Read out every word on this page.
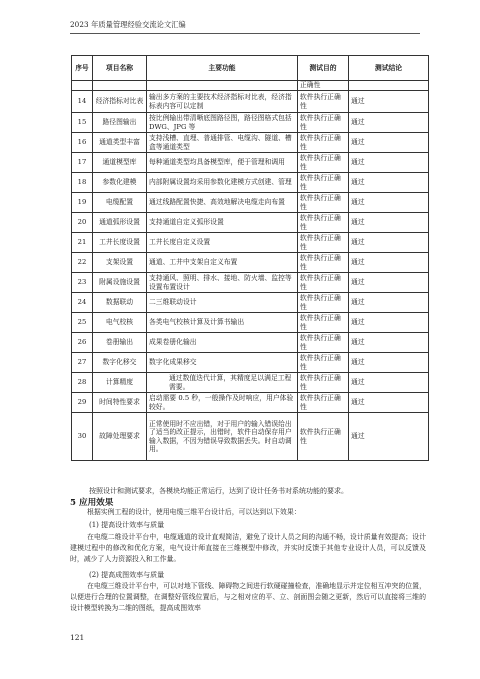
2023 年质量管理经验交流论文汇编
序号	项目名称	主要功能	测试目的	测试结论
			正确性	
14	经济指标对比表	输出多方案的主要技术经济指标对比表，经济指标表内容可以定制	软件执行正确性	通过
15	路径图输出	按比例输出带清晰底图路径图，路径图格式包括 DWG、JPG 等	软件执行正确性	通过
16	通道类型丰富	支持浅槽、直埋、普通排管、电缆沟、隧道、槽盒等通道类型	软件执行正确性	通过
17	通道模型库	每种通道类型均具备模型库，便于管理和调用	软件执行正确性	通过
18	参数化建模	内部附属设置均采用参数化建模方式创建、管理	软件执行正确性	通过
19	电缆配置	通过线路配置快捷、高效地解决电缆走向布置	软件执行正确性	通过
20	通道弧形设置	支持通道自定义弧形设置	软件执行正确性	通过
21	工井长度设置	工井长度自定义设置	软件执行正确性	通过
22	支架设置	通道、工井中支架自定义布置	软件执行正确性	通过
23	附属设施设置	支持通风、照明、排水、接地、防火墙、监控等设置布置设计	软件执行正确性	通过
24	数据联动	二三维联动设计	软件执行正确性	通过
25	电气校核	各类电气校核计算及计算书输出	软件执行正确性	通过
26	卷册输出	成果卷册化输出	软件执行正确性	通过
27	数字化移交	数字化成果移交	软件执行正确性	通过
28	计算精度	通过数值迭代计算，其精度足以满足工程需要。	软件执行正确性	通过
29	时间特性要求	启动需要 0.5 秒，一般操作及时响应，用户体验较好。	软件执行正确性	通过
30	故障处理要求	正常使用时不应出错，对于用户的输入错误给出了适当的改正提示，出错时，软件自动保存用户输入数据，不因为错误导致数据丢失。时自动调用。	软件执行正确性	通过
按照设计和测试要求，各模块均能正常运行，达到了设计任务书对系统功能的要求。
5 应用效果
根据实例工程的设计，使用电缆三维平台设计后，可以达到以下效果：
(1) 提高设计效率与质量
在电缆二维设计平台中，电缆通道的设计直观简洁，避免了设计人员之间的沟通不畅，设计质量有效提高；设计建模过程中的修改和优化方案，电气设计师直接在三维模型中修改，并实时反馈于其他专业设计人员，可以反馈及时，减少了人力资源投入和工作量。
(2) 提高成图效率与质量
在电缆三维设计平台中，可以对地下管线、障碍物之间进行软硬碰撞检查，准确地显示并定位相互冲突的位置，以便进行合理的位置调整，在调整好管线位置后，与之相对应的平、立、剖面图会随之更新，然后可以直接将三维的设计模型转换为二维的图纸，提高成图效率
121
